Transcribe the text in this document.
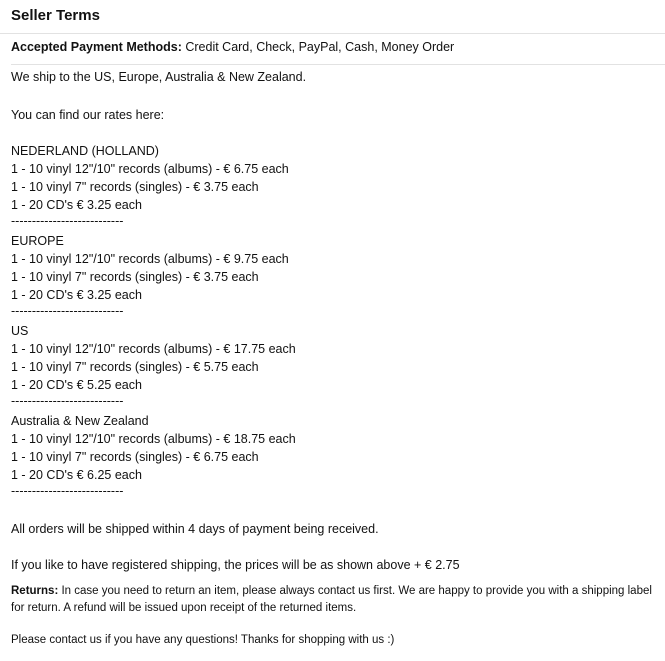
Seller Terms
Accepted Payment Methods: Credit Card, Check, PayPal, Cash, Money Order
We ship to the US, Europe, Australia & New Zealand.
You can find our rates here:
NEDERLAND (HOLLAND)
1 - 10 vinyl 12"/10" records (albums) - € 6.75 each
1 - 10 vinyl 7" records (singles) - € 3.75 each
1 - 20 CD's € 3.25 each
---------------------------
EUROPE
1 - 10 vinyl 12"/10" records (albums) - € 9.75 each
1 - 10 vinyl 7" records (singles) - € 3.75 each
1 - 20 CD's € 3.25 each
---------------------------
US
1 - 10 vinyl 12"/10" records (albums) - € 17.75 each
1 - 10 vinyl 7" records (singles) - € 5.75 each
1 - 20 CD's € 5.25 each
---------------------------
Australia & New Zealand
1 - 10 vinyl 12"/10" records (albums) - € 18.75 each
1 - 10 vinyl 7" records (singles) - € 6.75 each
1 - 20 CD's € 6.25 each
---------------------------
All orders will be shipped within 4 days of payment being received.
If you like to have registered shipping, the prices will be as shown above + € 2.75
Returns: In case you need to return an item, please always contact us first. We are happy to provide you with a shipping label
for return. A refund will be issued upon receipt of the returned items.
Please contact us if you have any questions! Thanks for shopping with us :)
